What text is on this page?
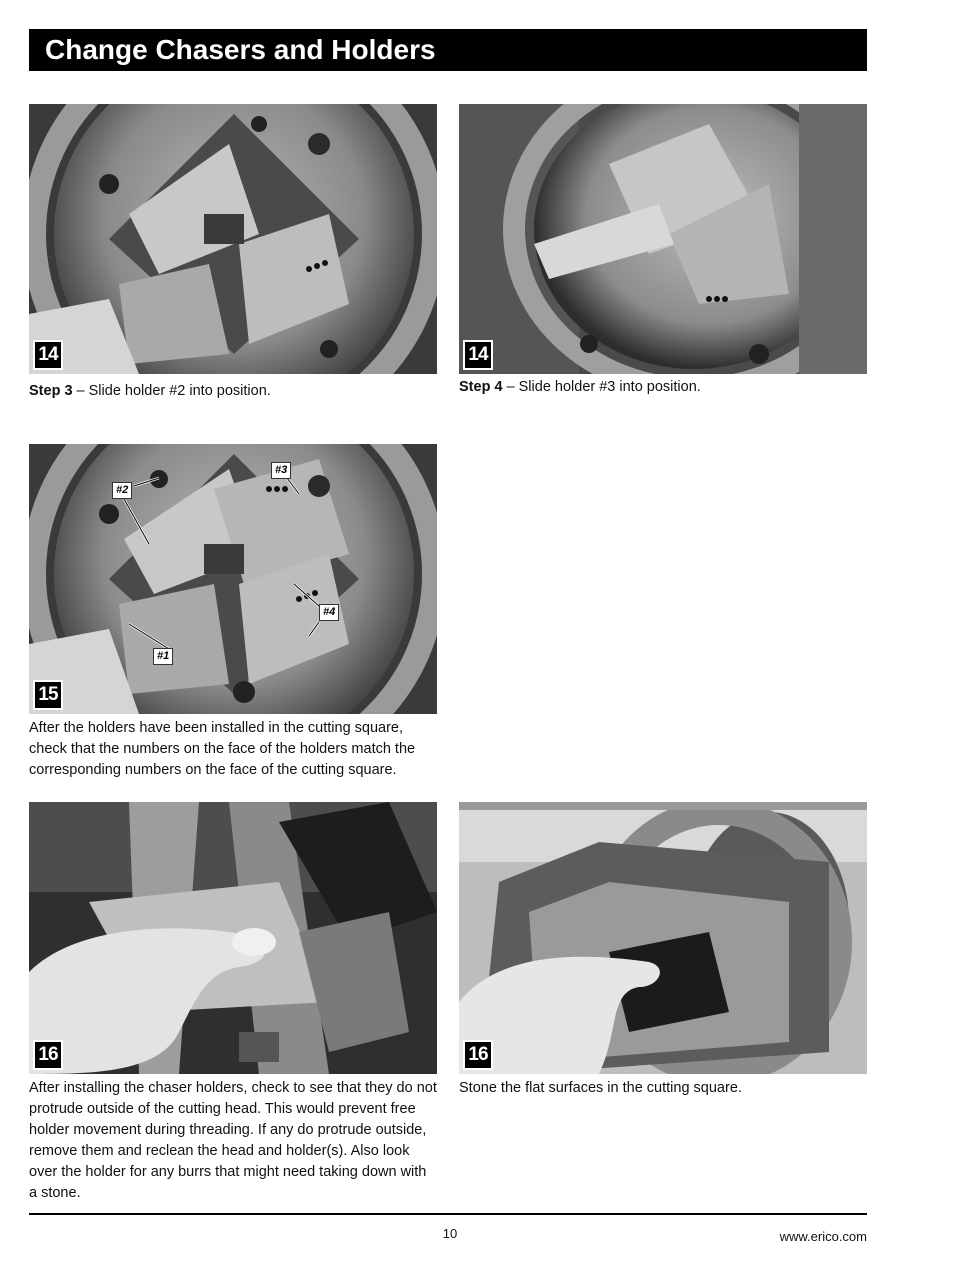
Change Chasers and Holders
14	14
Step 3 – Slide holder #2 into position.	Step 4 – Slide holder #3 into position.
#2
#3
#4
#1
15
After the holders have been installed in the cutting square, check that the numbers on the face of the holders match the corresponding numbers on the face of the cutting square.
16	16
After installing the chaser holders, check to see that they do not protrude outside of the cutting head. This would prevent free holder movement during threading. If any do protrude outside, remove them and reclean the head and holder(s). Also look over the holder for any burrs that might need taking down with a stone.
Stone the flat surfaces in the cutting square.
10	www.erico.com
